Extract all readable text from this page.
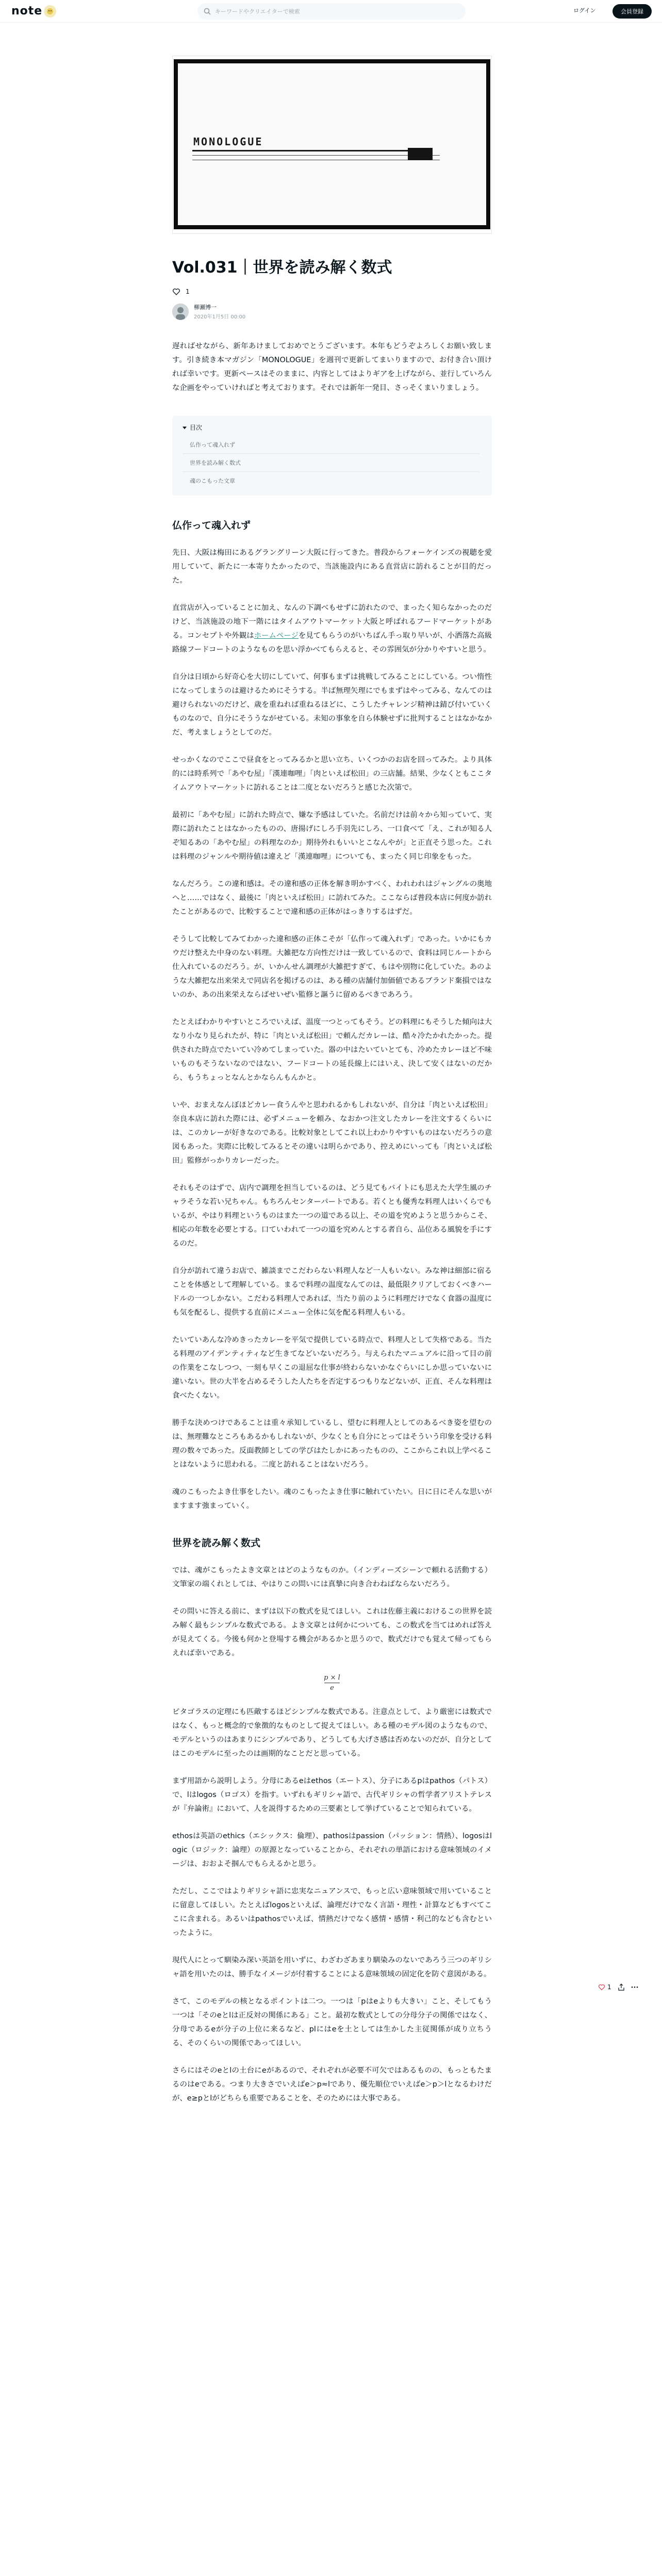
note
キーワードやクリエイターで検索	ログイン	会員登録
MONOLOGUE
Vol.031｜世界を読み解く数式
1
柳瀬博一
2020年1月5日 00:00

遅ればせながら、新年あけましておめでとうございます。本年もどうぞよろしくお願い致します。引き続き本マガジン「MONOLOGUE」を週刊で更新してまいりますので、お付き合い頂ければ幸いです。更新ペースはそのままに、内容としてはよりギアを上げながら、並行していろんな企画をやっていければと考えております。それでは新年一発目、さっそくまいりましょう。

目次
仏作って魂入れず
世界を読み解く数式
魂のこもった文章
仏作って魂入れず

先日、大阪は梅田にあるグラングリーン大阪に行ってきた。普段からフォーケインズの視聴を愛用していて、新たに一本寄りたかったので、当該施設内にある直営店に訪れることが目的だった。

直営店が入っていることに加え、なんの下調べもせずに訪れたので、まったく知らなかったのだけど、当該施設の地下一階にはタイムアウトマーケット大阪と呼ばれるフードマーケットがある。コンセプトや外観はホームページを見てもらうのがいちばん手っ取り早いが、小洒落た高級路線フードコートのようなものを思い浮かべてもらえると、その雰囲気が分かりやすいと思う。

自分は日頃から好奇心を大切にしていて、何事もまずは挑戦してみることにしている。つい惰性になってしまうのは避けるためにそうする。半ば無理矢理にでもまずはやってみる、なんてのは避けられないのだけど、歳を重ねれば重ねるほどに、こうしたチャレンジ精神は錆び付いていくものなので、自分にそううながせている。未知の事象を自ら体験せずに批判することはなかなかだ、考えましょうとしてのだ。

せっかくなのでここで昼食をとってみるかと思い立ち、いくつかのお店を回ってみた。より具体的には時系列で「あやむ屋」「漢連咖哩」「肉といえば松田」の三店舗。結果、少なくともここタイムアウトマーケットに訪れることは二度とないだろうと感じた次第で。

最初に「あやむ屋」に訪れた時点で、嫌な予感はしていた。名前だけは前々から知っていて、実際に訪れたことはなかったものの、唐揚げにしろ手羽先にしろ、一口食べて「え、これが知る人ぞ知るあの「あやむ屋」の料理なのか」期待外れもいいとこなんやが」と正直そう思った。これは料理のジャンルや期待値は違えど「漢連咖哩」についても、まったく同じ印象をもった。

なんだろう。この違和感は。その違和感の正体を解き明かすべく、われわれはジャングルの奥地へと……ではなく、最後に「肉といえば松田」に訪れてみた。ここならば普段本店に何度か訪れたことがあるので、比較することで違和感の正体がはっきりするはずだ。

そうして比較してみてわかった違和感の正体こそが「仏作って魂入れず」であった。いかにもカウだけ整えた中身のない料理。大雑把な方向性だけは一致しているので、食料は同じルートから仕入れているのだろう。が、いかんせん調理が大雑把すぎて、もはや別物に化していた。あのような大雑把な出来栄えで同店名を掲げるのは、ある種の店舗付加価値であるブランド棄損ではないのか、あの出来栄えならばせいぜい監修と謳うに留めるべきであろう。

たとえばわかりやすいところでいえば、温度一つとってもそう。どの料理にもそうした傾向は大なり小なり見られたが、特に「肉といえば松田」で頼んだカレーは、酷々冷たかれたかった。提供された時点でたいてい冷めてしまっていた。器の中はたいていとても、冷めたカレーほど不味いものもそうないなのではない、フードコートの延長線上にはいえ、決して安くはないのだから、もうちょっとなんとかならんもんかと。

いや、おまえなんぼほどカレー食うんやと思われるかもしれないが、自分は「肉といえば松田」奈良本店に訪れた際には、必ずメニューを頼み、なおかつ注文したカレーを注文するくらいには、このカレーが好きなのである。比較対象としてこれ以上わかりやすいものはないだろうの意図もあった。実際に比較してみるとその違いは明らかであり、控えめにいっても「肉といえば松田」監修がっかりカレーだった。

それもそのはずで、店内で調理を担当しているのは、どう見てもバイトにも思えた大学生風のチャラそうな若い兄ちゃん。もちろんセンターパートである。若くとも優秀な料理人はいくらでもいるが、やはり料理というものはまた一つの道である以上、その道を究めようと思うからこそ、相応の年数を必要とする。口ていわれて一つの道を究めんとする者自ら、品位ある風貌を手にするのだ。

自分が訪れて違うお店で、雑談までこだわらない料理人など一人もいない。みな神は細部に宿ることを体感として理解している。まるで料理の温度なんてのは、最低限クリアしておくべきハードルの一つしかない。こだわる料理人であれば、当たり前のように料理だけでなく食器の温度にも気を配るし、提供する直前にメニュー全体に気を配る料理人もいる。

たいていあんな冷めきったカレーを平気で提供している時点で、料理人として失格である。当たる料理のアイデンティティなど生きてなどいないだろう。与えられたマニュアルに沿って目の前の作業をこなしつつ、一刻も早くこの退屈な仕事が終わらないかなぐらいにしか思っていないに違いない。世の大半を占めるそうした人たちを否定するつもりなどないが、正直、そんな料理は食べたくない。

勝手な決めつけであることは重々承知しているし、望むに料理人としてのあるべき姿を望むのは、無理難なところもあるかもしれないが、少なくとも自分にとってはそういう印象を受ける料理の数々であった。反面教師としての学びはたしかにあったものの、ここからこれ以上学べることはないように思われる。二度と訪れることはないだろう。

魂のこもったよき仕事をしたい。魂のこもったよき仕事に触れていたい。日に日にそんな思いがますます強まっていく。

世界を読み解く数式

では、魂がこもったよき文章とはどのようなものか。（インディーズシーンで頼れる活動する）文筆家の端くれとしては、やはりこの問いには真摯に向き合わねばならないだろう。

その問いに答える前に、まずは以下の数式を見てほしい。これは佐藤主義におけるこの世界を読み解く最もシンプルな数式である。よき文章とは何かについても、この数式を当てはめれば答えが見えてくる。今後も何かと登場する機会があるかと思うので、数式だけでも覚えて帰ってもらえれば幸いである。

p × l
e

ピタゴラスの定理にも匹敵するほどシンプルな数式である。注意点として、より厳密には数式ではなく、もっと概念的で象徴的なものとして捉えてほしい。ある種のモデル図のようなもので、モデルというのはあまりにシンプルであり、どうしても大げさ感は否めないのだが、自分としてはこのモデルに至ったのは画期的なことだと思っている。

まず用語から説明しよう。分母にあるeはethos（エートス）、分子にあるpはpathos（パトス）で、lはlogos（ロゴス）を指す。いずれもギリシャ語で、古代ギリシャの哲学者アリストテレスが『弁論術』において、人を説得するための三要素として挙げていることで知られている。

ethosは英語のethics（エシックス：倫理）、pathosはpassion（パッション：情熱）、logosはlogic（ロジック：論理）の原源となっていることから、それぞれの単語における意味領域のイメージは、おおよそ掴んでもらえるかと思う。

ただし、ここではよりギリシャ語に忠実なニュアンスで、もっと広い意味領域で用いていることに留意してほしい。たとえばlogosといえば、論理だけでなく言語・理性・計算などもすべてここに含まれる。あるいはpathosでいえば、情熱だけでなく感情・感情・利己的なども含むといったように。

現代人にとって馴染み深い英語を用いずに、わざわざあまり馴染みのないであろう三つのギリシャ語を用いたのは、勝手なイメージが付着することによる意味領域の固定化を防ぐ意図がある。

さて、このモデルの核となるポイントは二つ。一つは「pはeよりも大きい」こと、そしてもう一つは「そのeとlは正反対の関係にある」こと。最初な数式としての分母分子の関係ではなく、分母であるeが分子の上位に来るなど、plにはeを土としては生かした主従関係が成り立ちうる、そのくらいの関係であってほしい。

さらにはそのeとlの土台にeがあるので、それぞれが必要不可欠ではあるものの、もっともたまるのはeである。つまり大きさでいえばe＞p≈lであり、優先順位でいえばe＞p＞lとなるわけだが、e≥pとlがどちらも重要であることを、そのためには大事である。

1
